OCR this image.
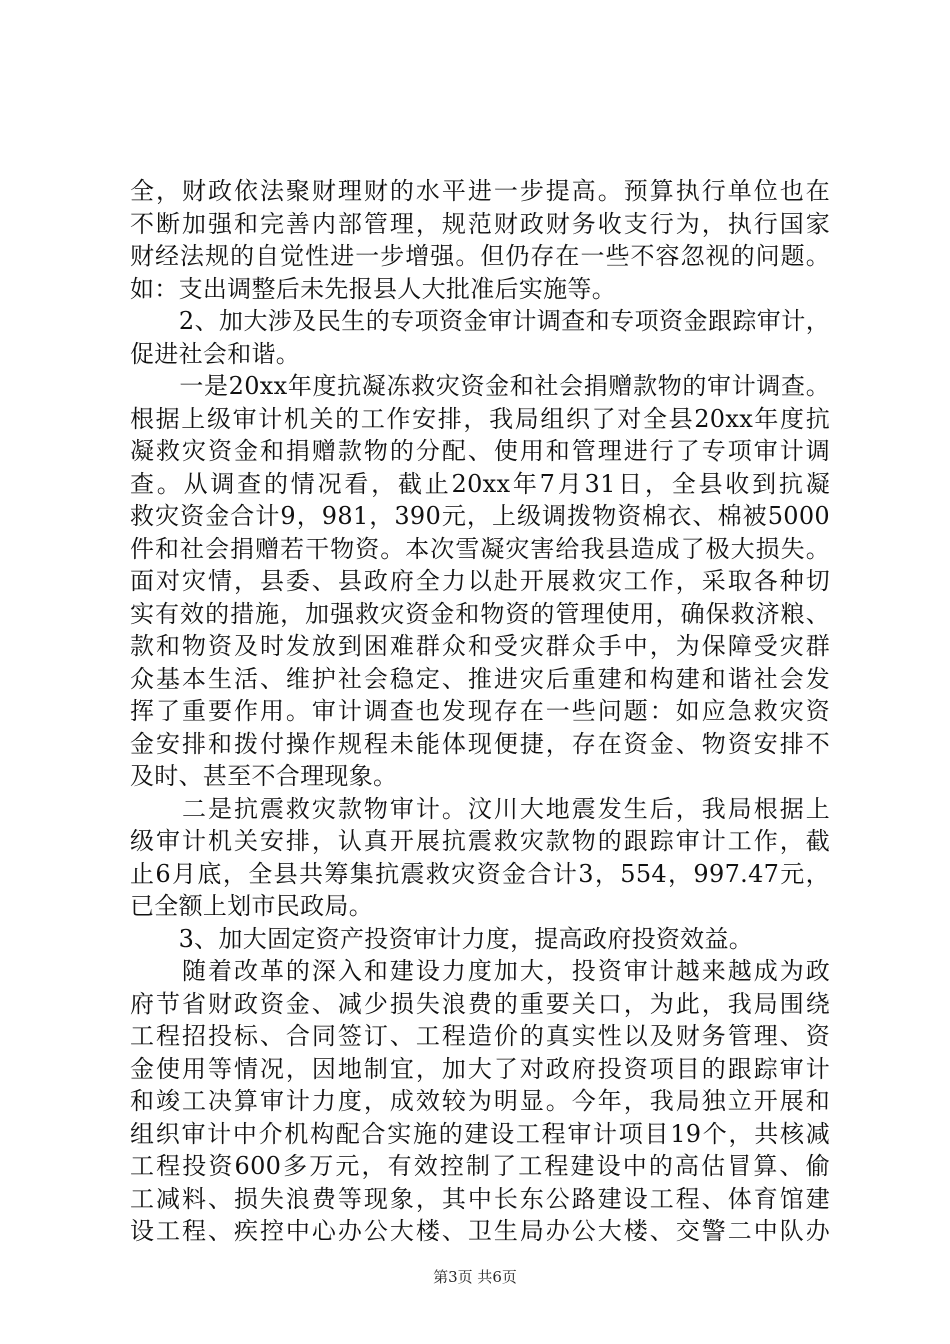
全，财政依法聚财理财的水平进一步提高。预算执行单位也在
不断加强和完善内部管理，规范财政财务收支行为，执行国家
财经法规的自觉性进一步增强。但仍存在一些不容忽视的问题。
如：支出调整后未先报县人大批准后实施等。
　　2、加大涉及民生的专项资金审计调查和专项资金跟踪审计，
促进社会和谐。
　　一是20xx年度抗凝冻救灾资金和社会捐赠款物的审计调查。
根据上级审计机关的工作安排，我局组织了对全县20xx年度抗
凝救灾资金和捐赠款物的分配、使用和管理进行了专项审计调
查。从调查的情况看，截止20xx年7月31日，全县收到抗凝
救灾资金合计9，981，390元，上级调拨物资棉衣、棉被5000
件和社会捐赠若干物资。本次雪凝灾害给我县造成了极大损失。
面对灾情，县委、县政府全力以赴开展救灾工作，采取各种切
实有效的措施，加强救灾资金和物资的管理使用，确保救济粮、
款和物资及时发放到困难群众和受灾群众手中，为保障受灾群
众基本生活、维护社会稳定、推进灾后重建和构建和谐社会发
挥了重要作用。审计调查也发现存在一些问题：如应急救灾资
金安排和拨付操作规程未能体现便捷，存在资金、物资安排不
及时、甚至不合理现象。
　　二是抗震救灾款物审计。汶川大地震发生后，我局根据上
级审计机关安排，认真开展抗震救灾款物的跟踪审计工作，截
止6月底，全县共筹集抗震救灾资金合计3，554，997.47元，
已全额上划市民政局。
　　3、加大固定资产投资审计力度，提高政府投资效益。
　　随着改革的深入和建设力度加大，投资审计越来越成为政
府节省财政资金、减少损失浪费的重要关口，为此，我局围绕
工程招投标、合同签订、工程造价的真实性以及财务管理、资
金使用等情况，因地制宜，加大了对政府投资项目的跟踪审计
和竣工决算审计力度，成效较为明显。今年，我局独立开展和
组织审计中介机构配合实施的建设工程审计项目19个，共核减
工程投资600多万元，有效控制了工程建设中的高估冒算、偷
工减料、损失浪费等现象，其中长东公路建设工程、体育馆建
设工程、疾控中心办公大楼、卫生局办公大楼、交警二中队办
第3页 共6页
